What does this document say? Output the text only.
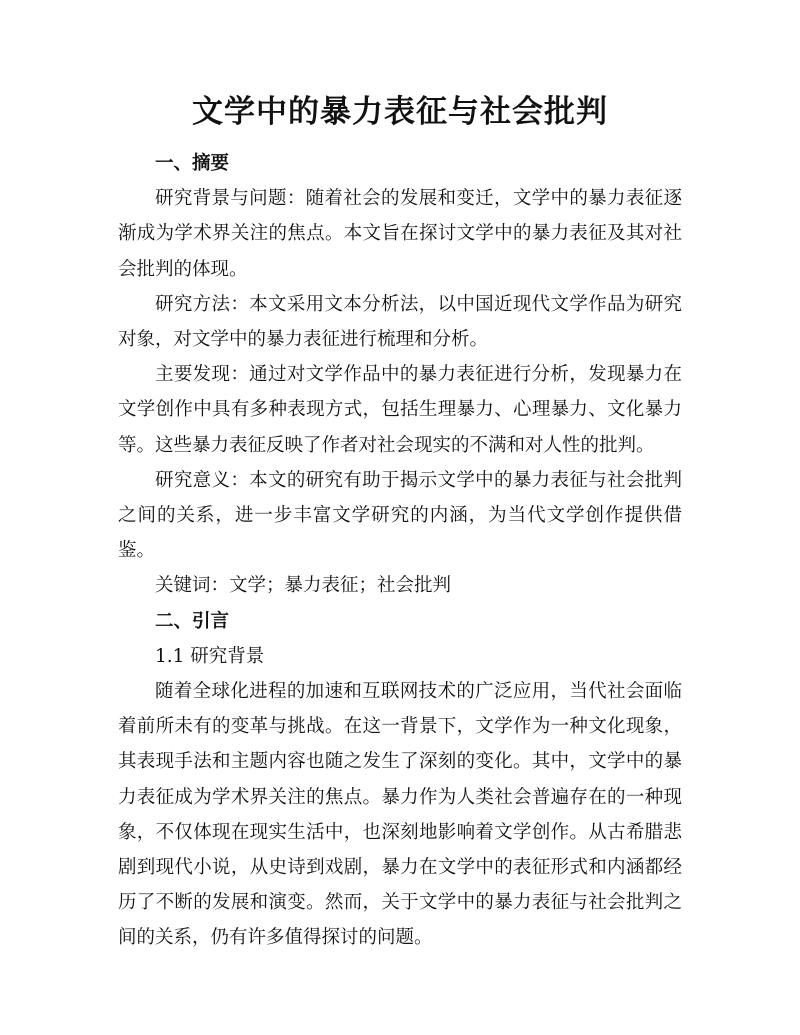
文学中的暴力表征与社会批判

一、摘要

研究背景与问题：随着社会的发展和变迁，文学中的暴力表征逐渐成为学术界关注的焦点。本文旨在探讨文学中的暴力表征及其对社会批判的体现。

研究方法：本文采用文本分析法，以中国近现代文学作品为研究对象，对文学中的暴力表征进行梳理和分析。

主要发现：通过对文学作品中的暴力表征进行分析，发现暴力在文学创作中具有多种表现方式，包括生理暴力、心理暴力、文化暴力等。这些暴力表征反映了作者对社会现实的不满和对人性的批判。

研究意义：本文的研究有助于揭示文学中的暴力表征与社会批判之间的关系，进一步丰富文学研究的内涵，为当代文学创作提供借鉴。

关键词：文学；暴力表征；社会批判

二、引言

1.1 研究背景

随着全球化进程的加速和互联网技术的广泛应用，当代社会面临着前所未有的变革与挑战。在这一背景下，文学作为一种文化现象，其表现手法和主题内容也随之发生了深刻的变化。其中，文学中的暴力表征成为学术界关注的焦点。暴力作为人类社会普遍存在的一种现象，不仅体现在现实生活中，也深刻地影响着文学创作。从古希腊悲剧到现代小说，从史诗到戏剧，暴力在文学中的表征形式和内涵都经历了不断的发展和演变。然而，关于文学中的暴力表征与社会批判之间的关系，仍有许多值得探讨的问题。
